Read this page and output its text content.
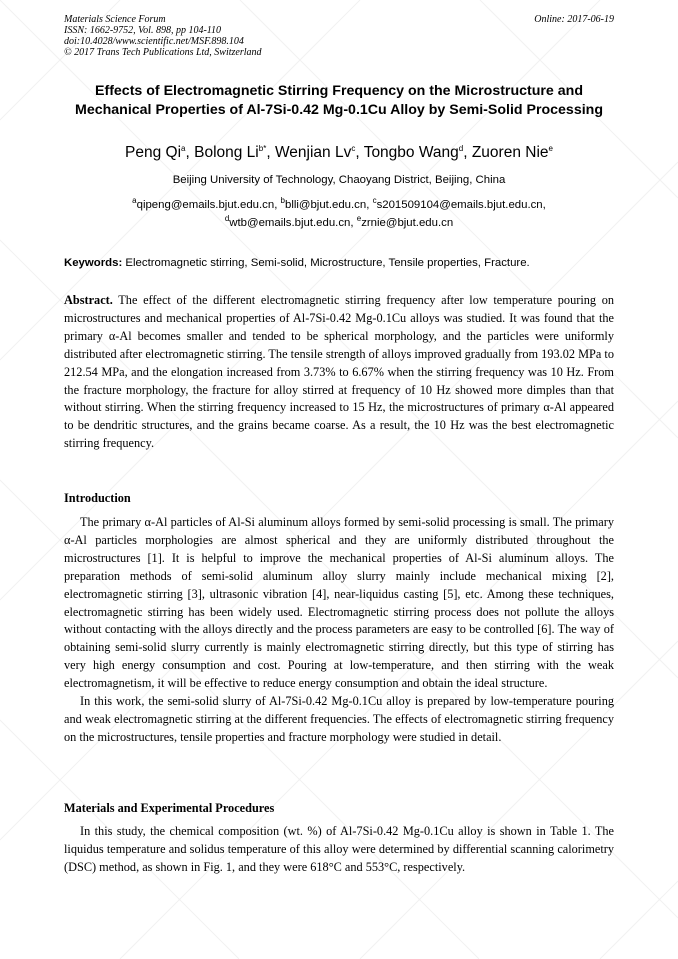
Materials Science Forum
ISSN: 1662-9752, Vol. 898, pp 104-110
doi:10.4028/www.scientific.net/MSF.898.104
© 2017 Trans Tech Publications Ltd, Switzerland
Online: 2017-06-19
Effects of Electromagnetic Stirring Frequency on the Microstructure and Mechanical Properties of Al-7Si-0.42 Mg-0.1Cu Alloy by Semi-Solid Processing
Peng Qi$^a$, Bolong $Li^{b*}$, Wenjian Lv$^c$, Tongbo Wang$^d$, Zuoren Nie$^e$
Beijing University of Technology, Chaoyang District, Beijing, China
$^a$qipeng@emails.bjut.edu.cn, $^b$blli@bjut.edu.cn, $^c$s201509104@emails.bjut.edu.cn,
$^d$wtb@emails.bjut.edu.cn, $^e$zrnie@bjut.edu.cn
Keywords: Electromagnetic stirring, Semi-solid, Microstructure, Tensile properties, Fracture.

Abstract. The effect of the different electromagnetic stirring frequency after low temperature pouring on microstructures and mechanical properties of Al-7Si-0.42 Mg-0.1Cu alloys was studied. It was found that the primary α-Al becomes smaller and tended to be spherical morphology, and the particles were uniformly distributed after electromagnetic stirring. The tensile strength of alloys improved gradually from 193.02 MPa to 212.54 MPa, and the elongation increased from 3.73% to 6.67% when the stirring frequency was 10 Hz. From the fracture morphology, the fracture for alloy stirred at frequency of 10 Hz showed more dimples than that without stirring. When the stirring frequency increased to 15 Hz, the microstructures of primary α-Al appeared to be dendritic structures, and the grains became coarse. As a result, the 10 Hz was the best electromagnetic stirring frequency.

Introduction

The primary α-Al particles of Al-Si aluminum alloys formed by semi-solid processing is small. The primary α-Al particles morphologies are almost spherical and they are uniformly distributed throughout the microstructures [1]. It is helpful to improve the mechanical properties of Al-Si aluminum alloys. The preparation methods of semi-solid aluminum alloy slurry mainly include mechanical mixing [2], electromagnetic stirring [3], ultrasonic vibration [4], near-liquidus casting [5], etc. Among these techniques, electromagnetic stirring has been widely used. Electromagnetic stirring process does not pollute the alloys without contacting with the alloys directly and the process parameters are easy to be controlled [6]. The way of obtaining semi-solid slurry currently is mainly electromagnetic stirring directly, but this type of stirring has very high energy consumption and cost. Pouring at low-temperature, and then stirring with the weak electromagnetism, it will be effective to reduce energy consumption and obtain the ideal structure.

In this work, the semi-solid slurry of Al-7Si-0.42 Mg-0.1Cu alloy is prepared by low-temperature pouring and weak electromagnetic stirring at the different frequencies. The effects of electromagnetic stirring frequency on the microstructures, tensile properties and fracture morphology were studied in detail.

Materials and Experimental Procedures

In this study, the chemical composition (wt. %) of Al-7Si-0.42 Mg-0.1Cu alloy is shown in Table 1. The liquidus temperature and solidus temperature of this alloy were determined by differential scanning calorimetry (DSC) method, as shown in Fig. 1, and they were 618°C and 553°C, respectively.
